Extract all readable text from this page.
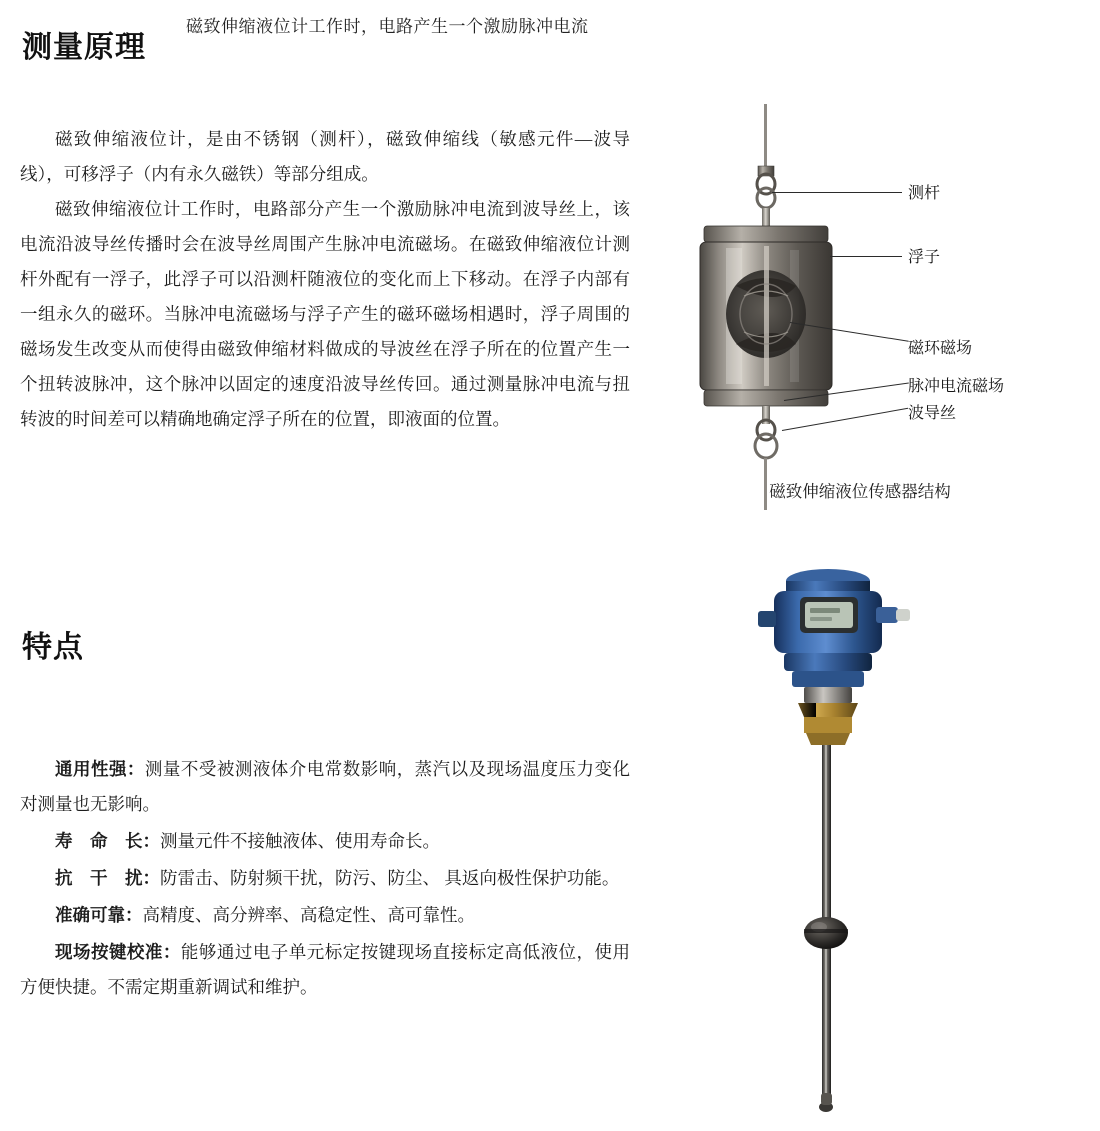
磁致伸缩液位计工作时，电路产生一个激励脉冲电流
测量原理

磁致伸缩液位计，是由不锈钢（测杆），磁致伸缩线（敏感元件—波导线），可移浮子（内有永久磁铁）等部分组成。

磁致伸缩液位计工作时，电路部分产生一个激励脉冲电流到波导丝上，该电流沿波导丝传播时会在波导丝周围产生脉冲电流磁场。在磁致伸缩液位计测杆外配有一浮子，此浮子可以沿测杆随液位的变化而上下移动。在浮子内部有一组永久的磁环。当脉冲电流磁场与浮子产生的磁环磁场相遇时，浮子周围的磁场发生改变从而使得由磁致伸缩材料做成的导波丝在浮子所在的位置产生一个扭转波脉冲，这个脉冲以固定的速度沿波导丝传回。通过测量脉冲电流与扭转波的时间差可以精确地确定浮子所在的位置，即液面的位置。

特点

通用性强：测量不受被测液体介电常数影响，蒸汽以及现场温度压力变化对测量也无影响。

寿　命　长：测量元件不接触液体、使用寿命长。

抗　干　扰：防雷击、防射频干扰，防污、防尘、 具返向极性保护功能。

准确可靠：高精度、高分辨率、高稳定性、高可靠性。

现场按键校准：能够通过电子单元标定按键现场直接标定高低液位，使用方便快捷。不需定期重新调试和维护。

测杆
浮子
磁环磁场
脉冲电流磁场
波导丝
磁致伸缩液位传感器结构
